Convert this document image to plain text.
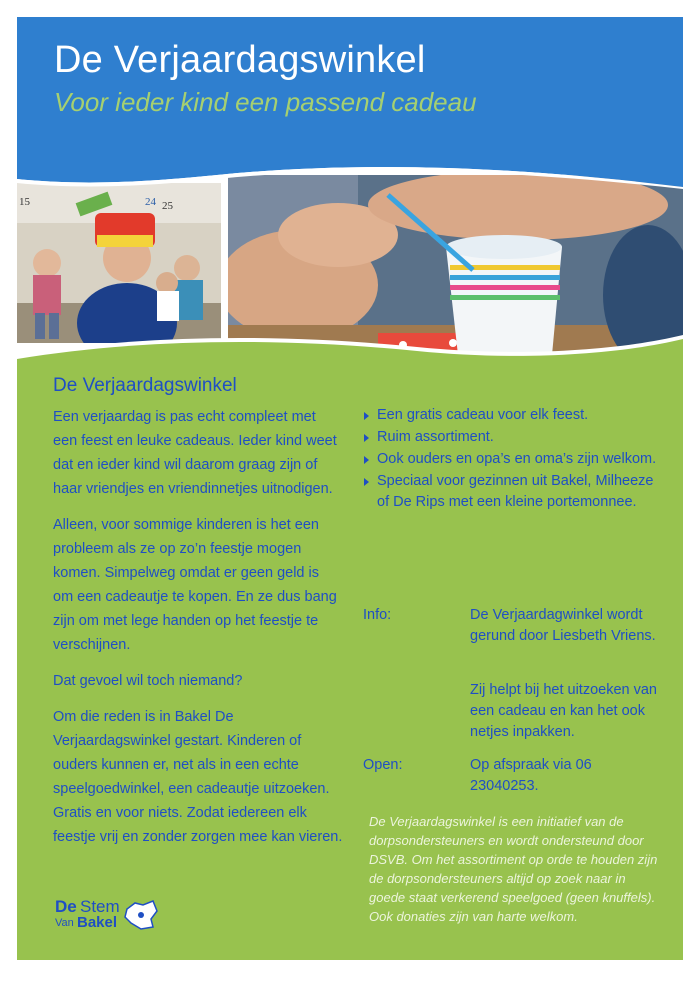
De Verjaardagswinkel
Voor ieder kind een passend cadeau
15	24 25
De Verjaardagswinkel

Een verjaardag is pas echt compleet met een feest en leuke cadeaus. Ieder kind weet dat en ieder kind wil daarom graag zijn of haar vriendjes en vriendinnetjes uitnodigen.

Alleen, voor sommige kinderen is het een probleem als ze op zo’n feestje mogen komen. Simpelweg omdat er geen geld is om een cadeautje te kopen. En ze dus bang zijn om met lege handen op het feestje te verschijnen.

Dat gevoel wil toch niemand?

Om die reden is in Bakel De Verjaardagswinkel gestart. Kinderen of ouders kunnen er, net als in een echte speelgoedwinkel, een cadeautje uitzoeken. Gratis en voor niets. Zodat iedereen elk feestje vrij en zonder zorgen mee kan vieren.

Een gratis cadeau voor elk feest.
Ruim assortiment.
Ook ouders en opa’s en oma’s zijn welkom.
Speciaal voor gezinnen uit Bakel, Milheeze of De Rips met een kleine portemonnee.
Info:	De Verjaardagwinkel wordt gerund door Liesbeth Vriens.
Zij helpt bij het uitzoeken van een cadeau en kan het ook netjes inpakken.
Open:	Op afspraak via 06 23040253.
De Verjaardagswinkel is een initiatief van de dorpsondersteuners en wordt ondersteund door DSVB. Om het assortiment op orde te houden zijn de dorpsondersteuners altijd op zoek naar in goede staat verkerend speelgoed (geen knuffels). Ook donaties zijn van harte welkom.
De Stem
Van Bakel
